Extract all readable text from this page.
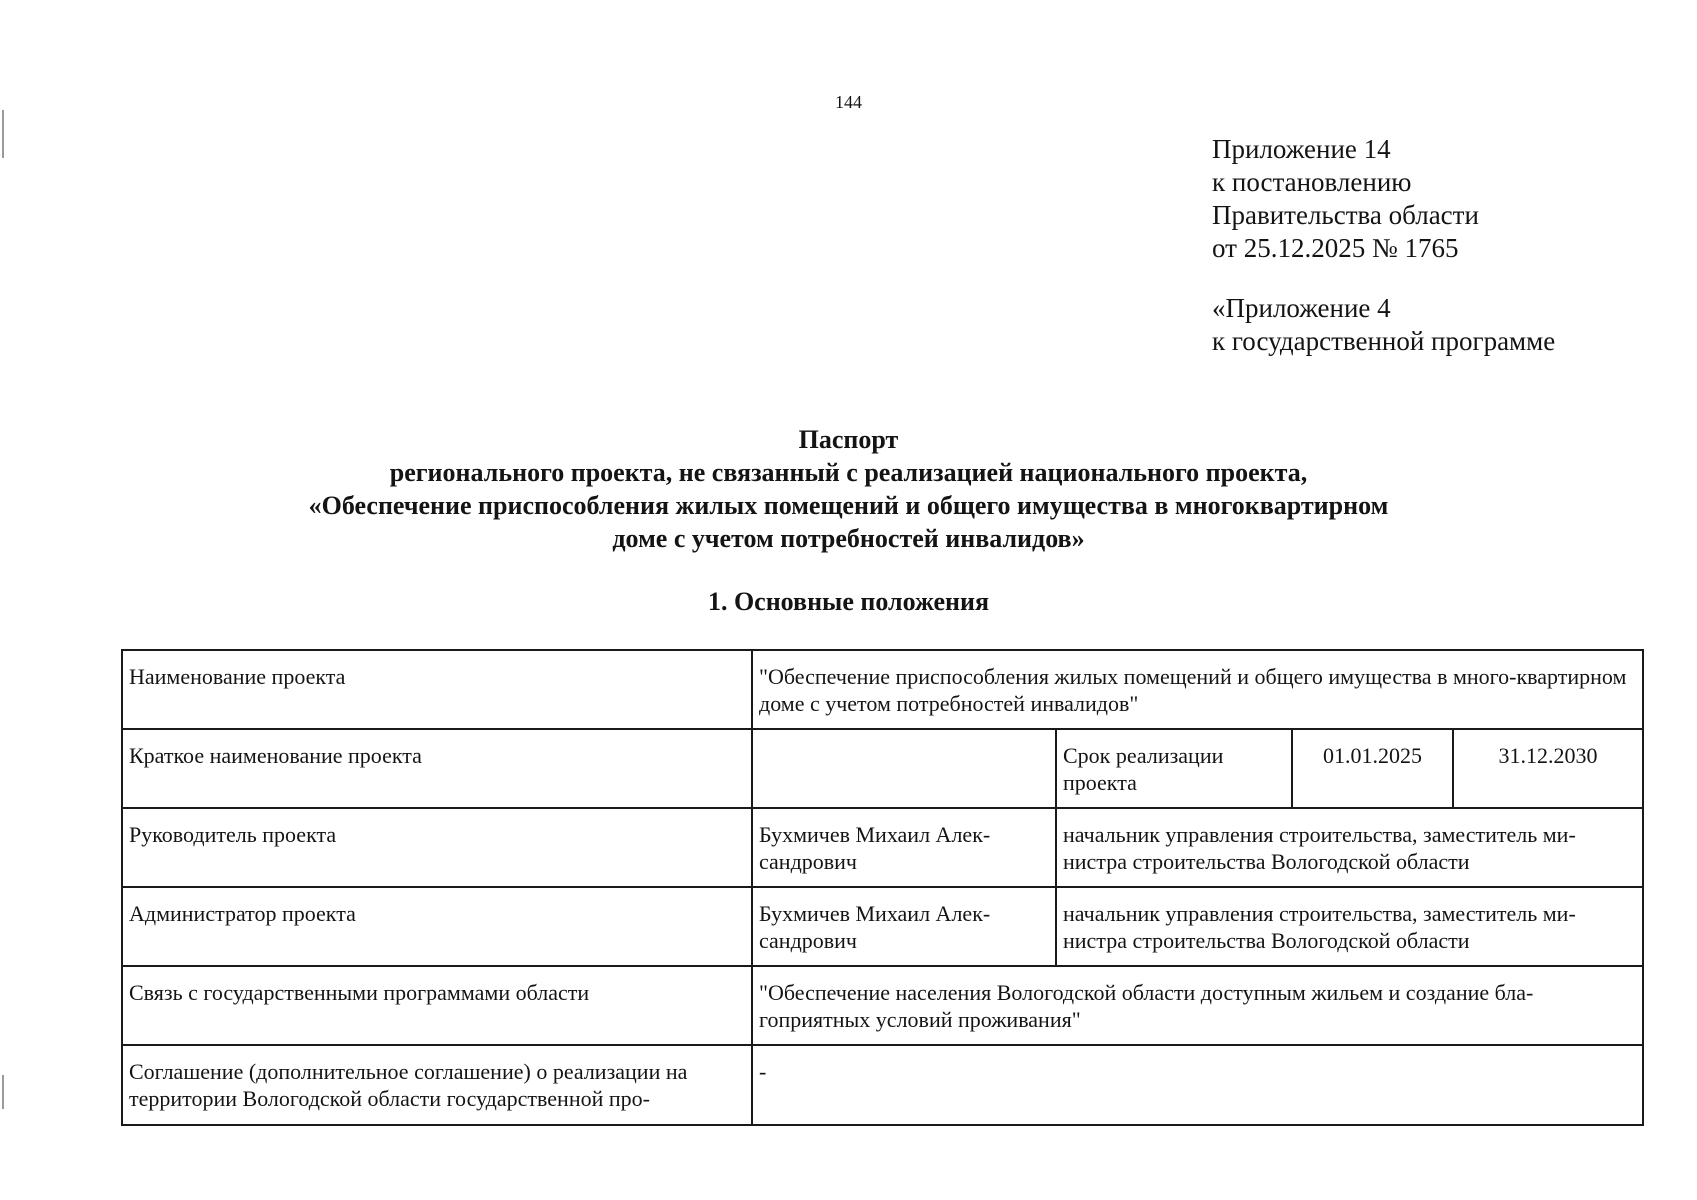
144
Приложение 14
к постановлению
Правительства области
от 25.12.2025 № 1765
«Приложение 4
к государственной программе
Паспорт
регионального проекта, не связанный с реализацией национального проекта,
«Обеспечение приспособления жилых помещений и общего имущества в многоквартирном
доме с учетом потребностей инвалидов»
1. Основные положения
Наименование проекта	"Обеспечение приспособления жилых помещений и общего имущества в много-квартирном доме с учетом потребностей инвалидов"			
Краткое наименование проекта		Срок реализации проекта	01.01.2025	31.12.2030
Руководитель проекта	Бухмичев Михаил Алек-сандрович	начальник управления строительства, заместитель ми-нистра строительства Вологодской области		
Администратор проекта	Бухмичев Михаил Алек-сандрович	начальник управления строительства, заместитель ми-нистра строительства Вологодской области		
Связь с государственными программами области	"Обеспечение населения Вологодской области доступным жильем и создание бла-гоприятных условий проживания"			
Соглашение (дополнительное соглашение) о реализации на территории Вологодской области государственной про-	-			
